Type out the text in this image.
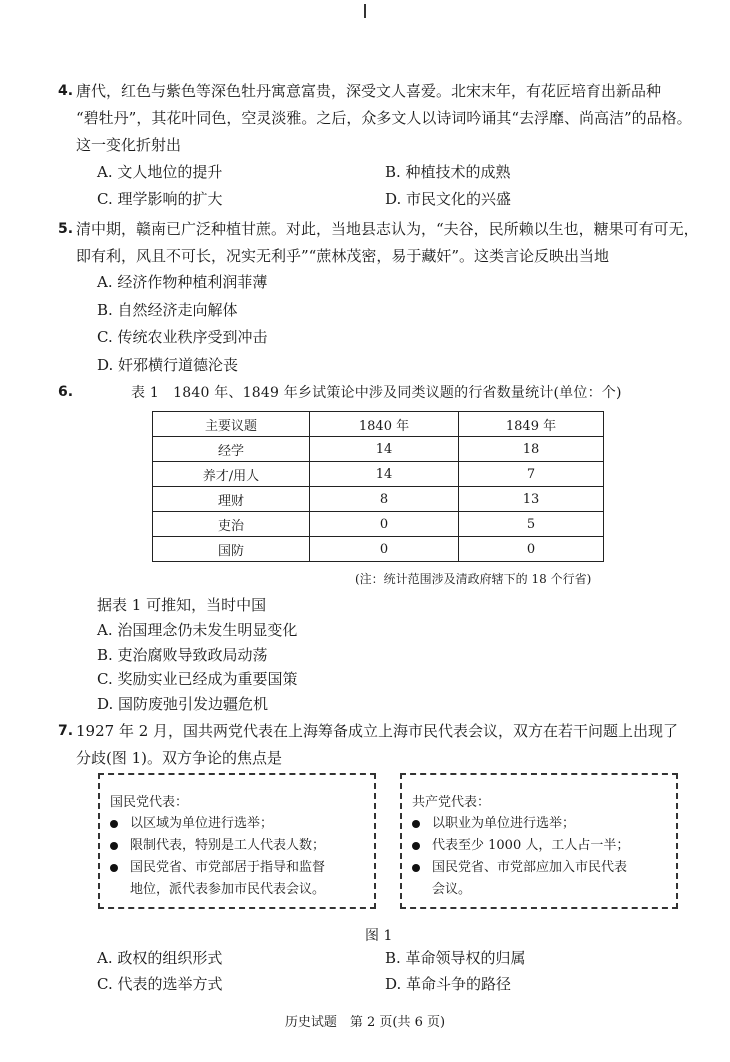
4. 唐代，红色与紫色等深色牡丹寓意富贵，深受文人喜爱。北宋末年，有花匠培育出新品种
“碧牡丹”，其花叶同色，空灵淡雅。之后，众多文人以诗词吟诵其“去浮靡、尚高洁”的品格。
这一变化折射出
A. 文人地位的提升	B. 种植技术的成熟
C. 理学影响的扩大	D. 市民文化的兴盛
5. 清中期，赣南已广泛种植甘蔗。对此，当地县志认为，“夫谷，民所赖以生也，糖果可有可无，
即有利，风且不可长，况实无利乎”“蔗林茂密，易于藏奸”。这类言论反映出当地
A. 经济作物种植利润菲薄
B. 自然经济走向解体
C. 传统农业秩序受到冲击
D. 奸邪横行道德沦丧
6.	表 1　1840 年、1849 年乡试策论中涉及同类议题的行省数量统计(单位：个)
主要议题	1840 年	1849 年
经学	14	18
养才/用人	14	7
理财	8	13
吏治	0	5
国防	0	0
(注：统计范围涉及清政府辖下的 18 个行省)
据表 1 可推知，当时中国
A. 治国理念仍未发生明显变化
B. 吏治腐败导致政局动荡
C. 奖励实业已经成为重要国策
D. 国防废弛引发边疆危机
7. 1927 年 2 月，国共两党代表在上海筹备成立上海市民代表会议，双方在若干问题上出现了
分歧(图 1)。双方争论的焦点是
国民党代表：
以区域为单位进行选举；
限制代表，特别是工人代表人数；
国民党省、市党部居于指导和监督
地位，派代表参加市民代表会议。
共产党代表：
以职业为单位进行选举；
代表至少 1000 人，工人占一半；
国民党省、市党部应加入市民代表
会议。
图 1
A. 政权的组织形式	B. 革命领导权的归属
C. 代表的选举方式	D. 革命斗争的路径
历史试题　第 2 页(共 6 页)
